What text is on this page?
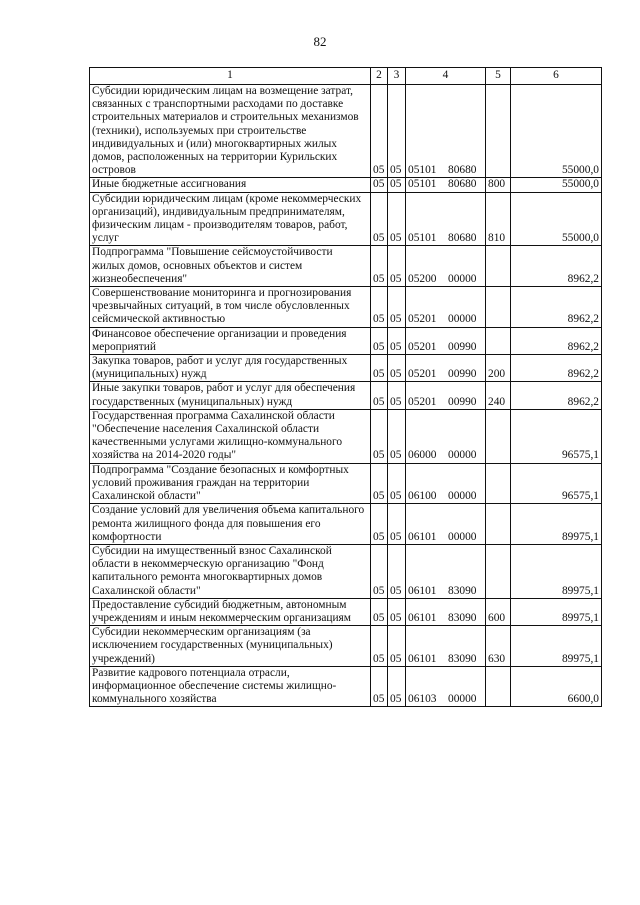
82
1	2	3	4	5	6
Субсидии юридическим лицам на возмещение затрат, связанных с транспортными расходами по доставке строительных материалов и строительных механизмов (техники), используемых при строительстве индивидуальных и (или) многоквартирных жилых домов, расположенных на территории Курильских островов	05	05	05101 80680		55000,0
Иные бюджетные ассигнования	05	05	05101 80680	800	55000,0
Субсидии юридическим лицам (кроме некоммерческих организаций), индивидуальным предпринимателям, физическим лицам - производителям товаров, работ, услуг	05	05	05101 80680	810	55000,0
Подпрограмма "Повышение сейсмоустойчивости жилых домов, основных объектов и систем жизнеобеспечения"	05	05	05200 00000		8962,2
Совершенствование мониторинга и прогнозирования чрезвычайных ситуаций, в том числе обусловленных сейсмической активностью	05	05	05201 00000		8962,2
Финансовое обеспечение организации и проведения мероприятий	05	05	05201 00990		8962,2
Закупка товаров, работ и услуг для государственных (муниципальных) нужд	05	05	05201 00990	200	8962,2
Иные закупки товаров, работ и услуг для обеспечения государственных (муниципальных) нужд	05	05	05201 00990	240	8962,2
Государственная программа Сахалинской области "Обеспечение населения Сахалинской области качественными услугами жилищно-коммунального хозяйства на 2014-2020 годы"	05	05	06000 00000		96575,1
Подпрограмма "Создание безопасных и комфортных условий проживания граждан на территории Сахалинской области"	05	05	06100 00000		96575,1
Создание условий для увеличения объема капитального ремонта жилищного фонда для повышения его комфортности	05	05	06101 00000		89975,1
Субсидии на имущественный взнос Сахалинской области в некоммерческую организацию "Фонд капитального ремонта многоквартирных домов Сахалинской области"	05	05	06101 83090		89975,1
Предоставление субсидий бюджетным, автономным учреждениям и иным некоммерческим организациям	05	05	06101 83090	600	89975,1
Субсидии некоммерческим организациям (за исключением государственных (муниципальных) учреждений)	05	05	06101 83090	630	89975,1
Развитие кадрового потенциала отрасли, информационное обеспечение системы жилищно-коммунального хозяйства	05	05	06103 00000		6600,0
